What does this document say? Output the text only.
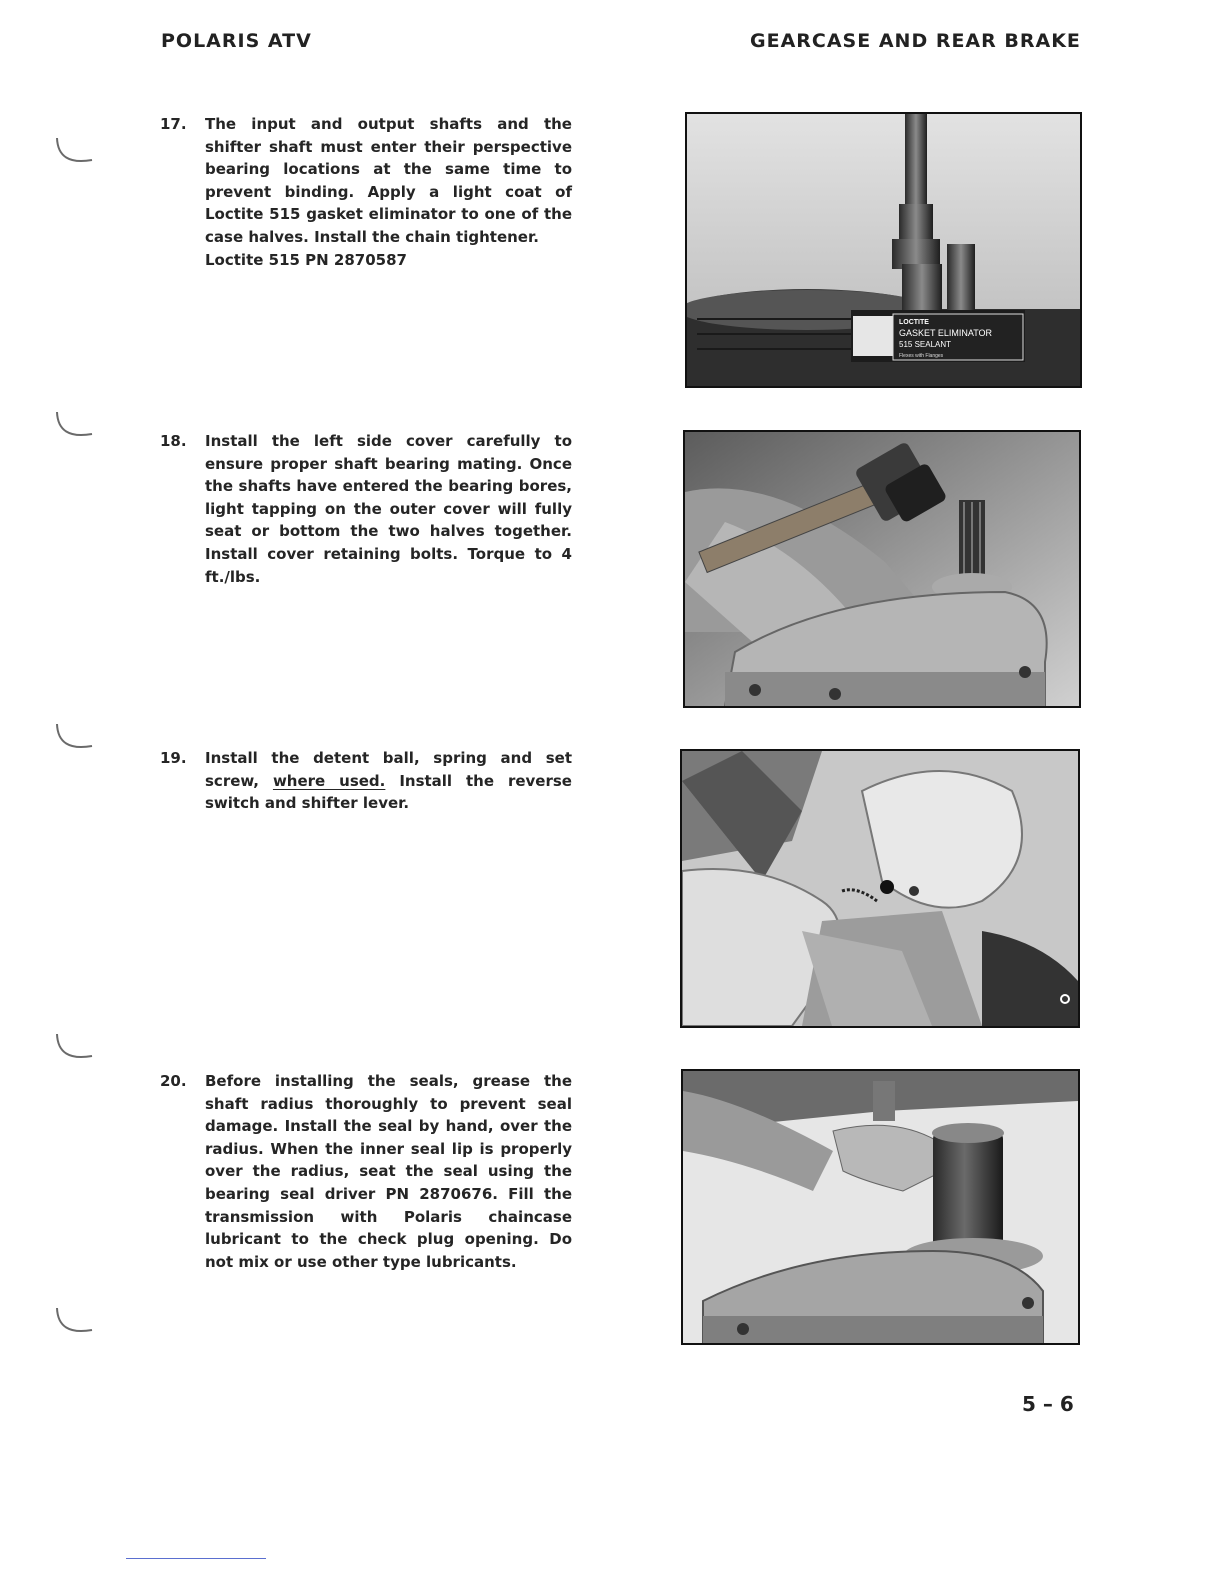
POLARIS ATV	GEARCASE AND REAR BRAKE
17. The input and output shafts and the shifter shaft must enter their perspective bearing locations at the same time to prevent binding. Apply a light coat of Loctite 515 gasket eliminator to one of the case halves. Install the chain tightener.

Loctite 515 PN 2870587

18. Install the left side cover carefully to ensure proper shaft bearing mating. Once the shafts have entered the bearing bores, light tapping on the outer cover will fully seat or bottom the two halves together. Install cover retaining bolts. Torque to 4 ft./lbs.

19. Install the detent ball, spring and set screw, where used. Install the reverse switch and shifter lever.

20. Before installing the seals, grease the shaft radius thoroughly to prevent seal damage. Install the seal by hand, over the radius. When the inner seal lip is properly over the radius, seat the seal using the bearing seal driver PN 2870676. Fill the transmission with Polaris chaincase lubricant to the check plug opening. Do not mix or use other type lubricants.

LOCTITE
GASKET ELIMINATOR
515 SEALANT
Flexes with Flanges
5 – 6
